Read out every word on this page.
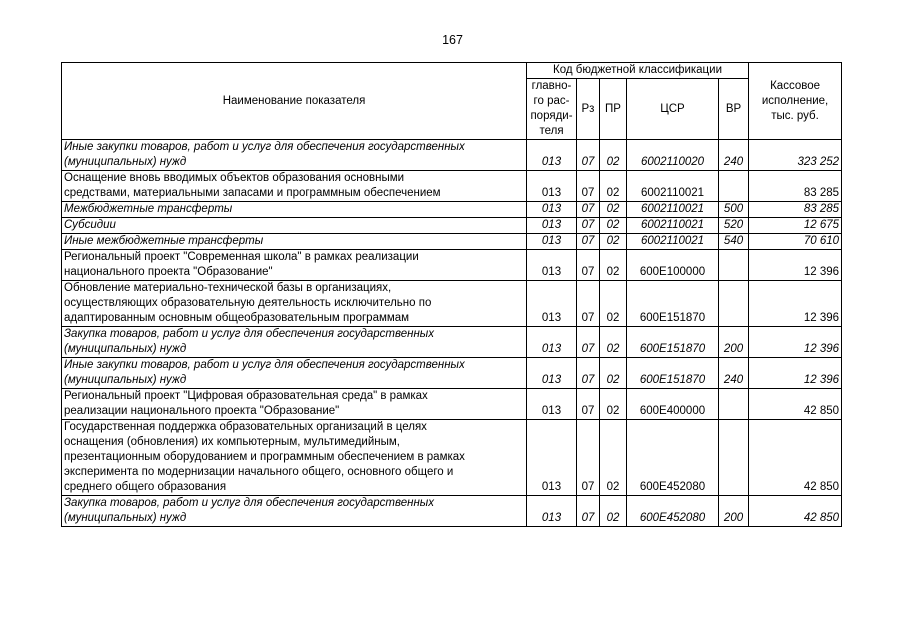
167
Наименование показателя	Код бюджетной классификации					Кассовое
исполнение,
тыс. руб.

	главно-
го рас-
поряди-
теля	Рз	ПР	ЦСР	ВР	

Иные закупки товаров, работ и услуг для обеспечения государственных
(муниципальных) нужд	013	07	02	6002110020	240	323 252

Оснащение вновь вводимых объектов образования основными
средствами, материальными запасами и программным обеспечением	013	07	02	6002110021		83 285

Межбюджетные трансферты	013	07	02	6002110021	500	83 285

Субсидии	013	07	02	6002110021	520	12 675

Иные межбюджетные трансферты	013	07	02	6002110021	540	70 610

Региональный проект "Современная школа" в рамках реализации
национального проекта "Образование"	013	07	02	600E100000		12 396

Обновление материально-технической базы в организациях,
осуществляющих образовательную деятельность исключительно по
адаптированным основным общеобразовательным программам	013	07	02	600E151870		12 396

Закупка товаров, работ и услуг для обеспечения государственных
(муниципальных) нужд	013	07	02	600E151870	200	12 396

Иные закупки товаров, работ и услуг для обеспечения государственных
(муниципальных) нужд	013	07	02	600E151870	240	12 396

Региональный проект "Цифровая образовательная среда" в рамках
реализации национального проекта "Образование"	013	07	02	600E400000		42 850

Государственная поддержка образовательных организаций в целях
оснащения (обновления) их компьютерным, мультимедийным,
презентационным оборудованием и программным обеспечением в рамках
эксперимента по модернизации начального общего, основного общего и
среднего общего образования	013	07	02	600E452080		42 850

Закупка товаров, работ и услуг для обеспечения государственных
(муниципальных) нужд	013	07	02	600E452080	200	42 850
